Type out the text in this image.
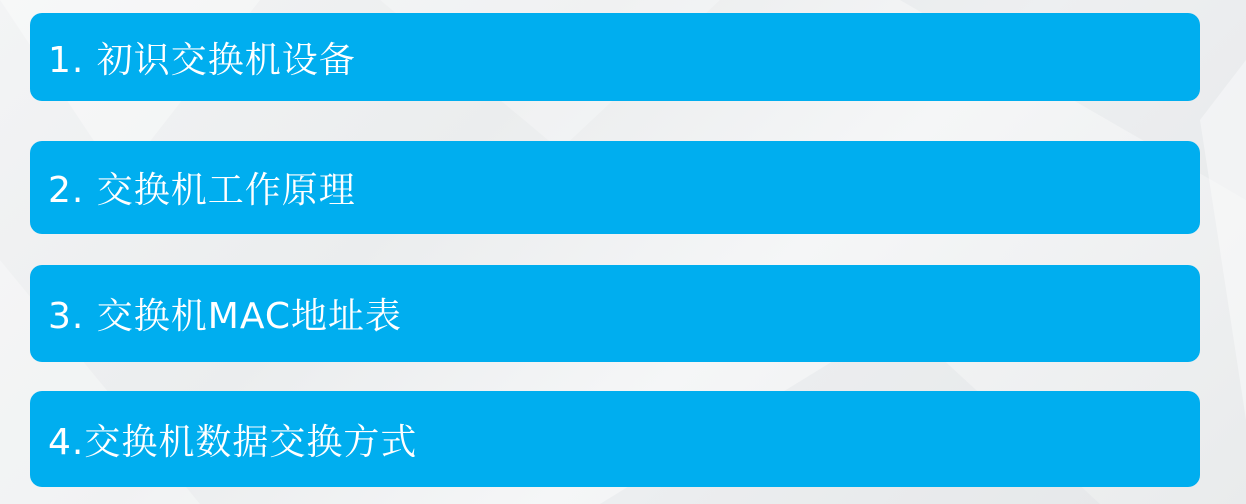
1. 初识交换机设备
2. 交换机工作原理
3. 交换机MAC地址表
4.交换机数据交换方式
